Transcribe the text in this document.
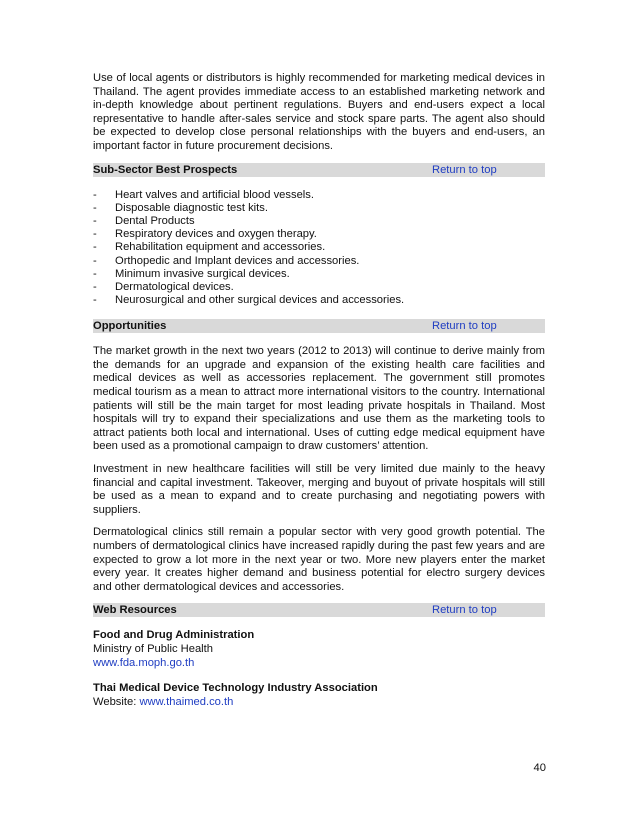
Use of local agents or distributors is highly recommended for marketing medical devices in Thailand. The agent provides immediate access to an established marketing network and in-depth knowledge about pertinent regulations. Buyers and end-users expect a local representative to handle after-sales service and stock spare parts. The agent also should be expected to develop close personal relationships with the buyers and end-users, an important factor in future procurement decisions.

Sub-Sector Best Prospects	Return to top
- Heart valves and artificial blood vessels.
- Disposable diagnostic test kits.
- Dental Products
- Respiratory devices and oxygen therapy.
- Rehabilitation equipment and accessories.
- Orthopedic and Implant devices and accessories.
- Minimum invasive surgical devices.
- Dermatological devices.
- Neurosurgical and other surgical devices and accessories.
Opportunities	Return to top

The market growth in the next two years (2012 to 2013) will continue to derive mainly from the demands for an upgrade and expansion of the existing health care facilities and medical devices as well as accessories replacement. The government still promotes medical tourism as a mean to attract more international visitors to the country. International patients will still be the main target for most leading private hospitals in Thailand. Most hospitals will try to expand their specializations and use them as the marketing tools to attract patients both local and international. Uses of cutting edge medical equipment have been used as a promotional campaign to draw customers’ attention.

Investment in new healthcare facilities will still be very limited due mainly to the heavy financial and capital investment. Takeover, merging and buyout of private hospitals will still be used as a mean to expand and to create purchasing and negotiating powers with suppliers.

Dermatological clinics still remain a popular sector with very good growth potential. The numbers of dermatological clinics have increased rapidly during the past few years and are expected to grow a lot more in the next year or two. More new players enter the market every year. It creates higher demand and business potential for electro surgery devices and other dermatological devices and accessories.

Web Resources	Return to top
Food and Drug Administration
Ministry of Public Health
www.fda.moph.go.th
Thai Medical Device Technology Industry Association
Website: www.thaimed.co.th
40
